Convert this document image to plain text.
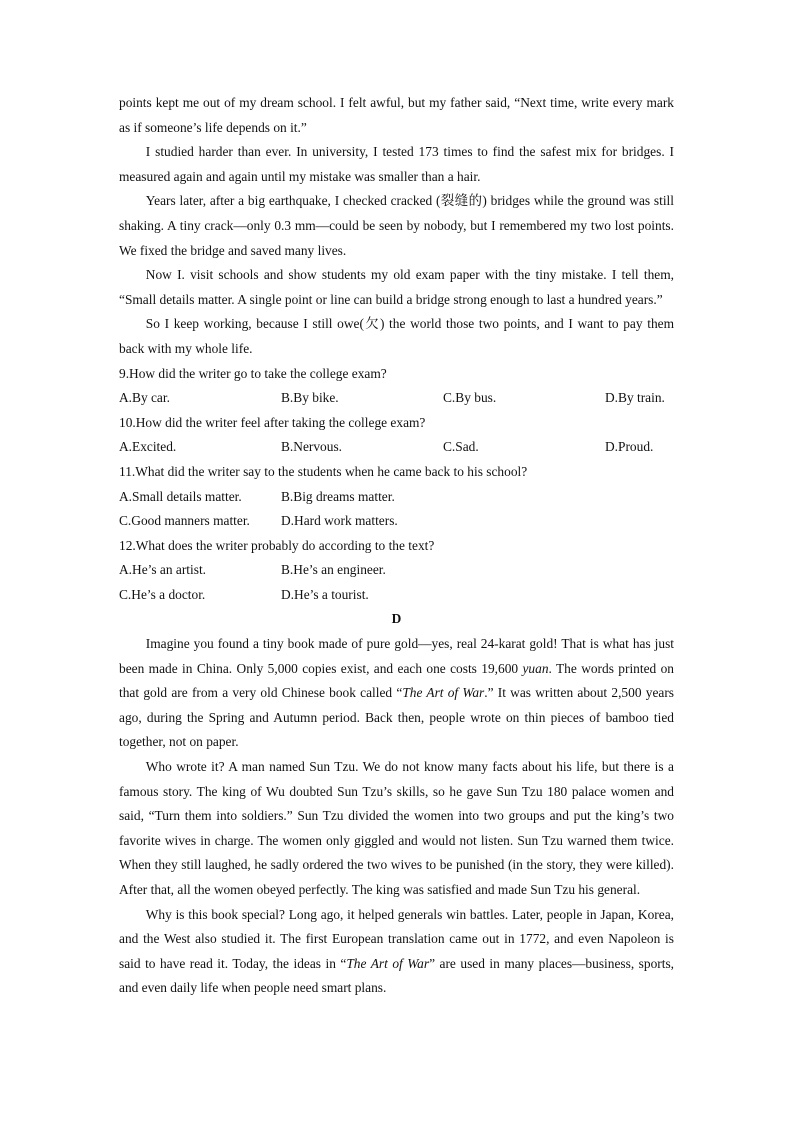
points kept me out of my dream school. I felt awful, but my father said, “Next time, write every mark as if someone’s life depends on it.”

I studied harder than ever. In university, I tested 173 times to find the safest mix for bridges. I measured again and again until my mistake was smaller than a hair.

Years later, after a big earthquake, I checked cracked (裂缝的) bridges while the ground was still shaking. A tiny crack—only 0.3 mm—could be seen by nobody, but I remembered my two lost points. We fixed the bridge and saved many lives.

Now I. visit schools and show students my old exam paper with the tiny mistake. I tell them, “Small details matter. A single point or line can build a bridge strong enough to last a hundred years.”

So I keep working, because I still owe(欠) the world those two points, and I want to pay them back with my whole life.

9.How did the writer go to take the college exam?

A.By car.	B.By bike.	C.By bus.	D.By train.

10.How did the writer feel after taking the college exam?

A.Excited.	B.Nervous.	C.Sad.	D.Proud.

11.What did the writer say to the students when he came back to his school?

A.Small details matter.	B.Big dreams matter.
C.Good manners matter.	D.Hard work matters.

12.What does the writer probably do according to the text?

A.He’s an artist.	B.He’s an engineer.
C.He’s a doctor.	D.He’s a tourist.

D

Imagine you found a tiny book made of pure gold—yes, real 24-karat gold! That is what has just been made in China. Only 5,000 copies exist, and each one costs 19,600 yuan. The words printed on that gold are from a very old Chinese book called “The Art of War.” It was written about 2,500 years ago, during the Spring and Autumn period. Back then, people wrote on thin pieces of bamboo tied together, not on paper.

Who wrote it? A man named Sun Tzu. We do not know many facts about his life, but there is a famous story. The king of Wu doubted Sun Tzu’s skills, so he gave Sun Tzu 180 palace women and said, “Turn them into soldiers.” Sun Tzu divided the women into two groups and put the king’s two favorite wives in charge. The women only giggled and would not listen. Sun Tzu warned them twice. When they still laughed, he sadly ordered the two wives to be punished (in the story, they were killed). After that, all the women obeyed perfectly. The king was satisfied and made Sun Tzu his general.

Why is this book special? Long ago, it helped generals win battles. Later, people in Japan, Korea, and the West also studied it. The first European translation came out in 1772, and even Napoleon is said to have read it. Today, the ideas in “The Art of War” are used in many places—business, sports, and even daily life when people need smart plans.
